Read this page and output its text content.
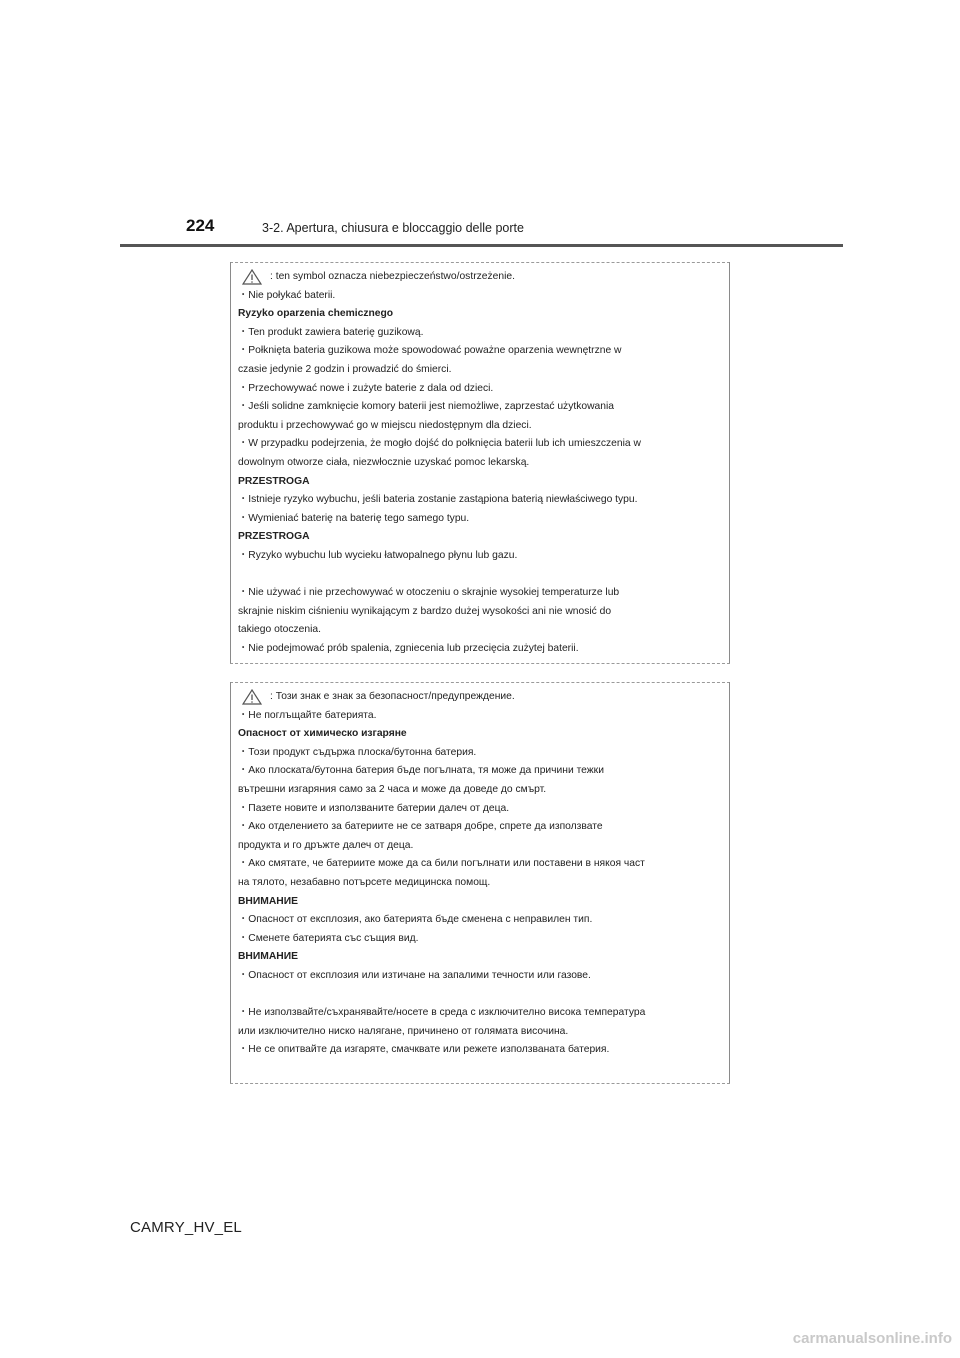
224	3-2. Apertura, chiusura e bloccaggio delle porte
: ten symbol oznacza niebezpieczeństwo/ostrzeżenie.
・Nie połykać baterii.
Ryzyko oparzenia chemicznego
・Ten produkt zawiera baterię guzikową.
・Połknięta bateria guzikowa może spowodować poważne oparzenia wewnętrzne w
czasie jedynie 2 godzin i prowadzić do śmierci.
・Przechowywać nowe i zużyte baterie z dala od dzieci.
・Jeśli solidne zamknięcie komory baterii jest niemożliwe, zaprzestać użytkowania
produktu i przechowywać go w miejscu niedostępnym dla dzieci.
・W przypadku podejrzenia, że mogło dojść do połknięcia baterii lub ich umieszczenia w
dowolnym otworze ciała, niezwłocznie uzyskać pomoc lekarską.
PRZESTROGA
・Istnieje ryzyko wybuchu, jeśli bateria zostanie zastąpiona baterią niewłaściwego typu.
・Wymieniać baterię na baterię tego samego typu.
PRZESTROGA
・Ryzyko wybuchu lub wycieku łatwopalnego płynu lub gazu.
・Nie używać i nie przechowywać w otoczeniu o skrajnie wysokiej temperaturze lub
skrajnie niskim ciśnieniu wynikającym z bardzo dużej wysokości ani nie wnosić do
takiego otoczenia.
・Nie podejmować prób spalenia, zgniecenia lub przecięcia zużytej baterii.
: Този знак е знак за безопасност/предупреждение.
・Не поглъщайте батерията.
Опасност от химическо изгаряне
・Този продукт съдържа плоска/бутонна батерия.
・Ако плоската/бутонна батерия бъде погълната, тя може да причини тежки
вътрешни изгаряния само за 2 часа и може да доведе до смърт.
・Пазете новите и използваните батерии далеч от деца.
・Ако отделението за батериите не се затваря добре, спрете да използвате
продукта и го дръжте далеч от деца.
・Ако смятате, че батериите може да са били погълнати или поставени в някоя част
на тялото, незабавно потърсете медицинска помощ.
ВНИМАНИЕ
・Опасност от експлозия, ако батерията бъде сменена с неправилен тип.
・Сменете батерията със същия вид.
ВНИМАНИЕ
・Опасност от експлозия или изтичане на запалими течности или газове.
・Не използвайте/съхранявайте/носете в среда с изключително висока температура
или изключително ниско налягане, причинено от голямата височина.
・Не се опитвайте да изгаряте, смачквате или режете използваната батерия.
CAMRY_HV_EL
carmanualsonline.info
